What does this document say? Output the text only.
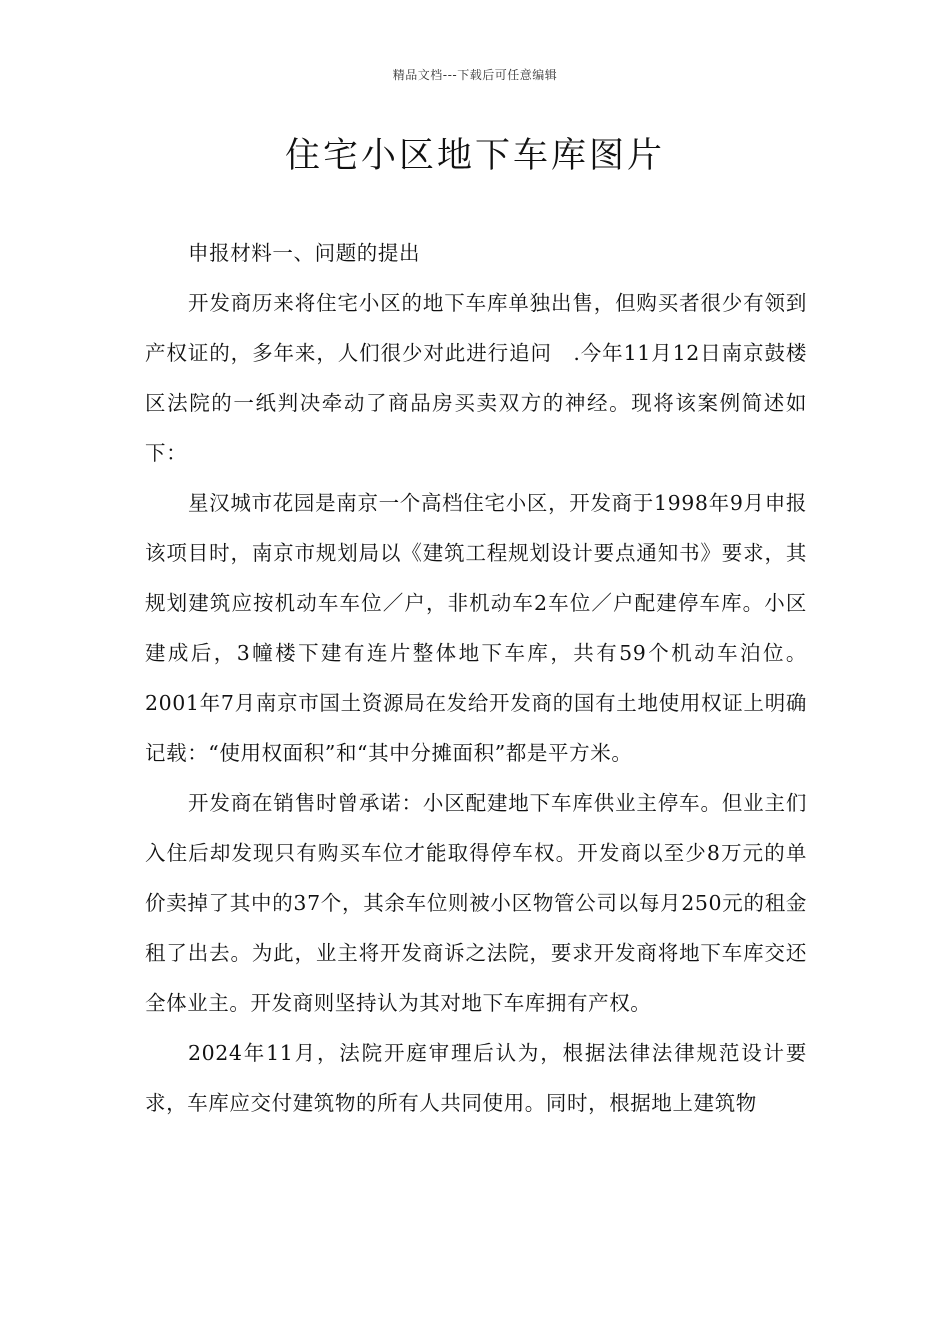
精品文档---下载后可任意编辑
住宅小区地下车库图片

申报材料一、问题的提出

开发商历来将住宅小区的地下车库单独出售，但购买者很少有领到产权证的，多年来，人们很少对此进行追问　.今年11月12日南京鼓楼区法院的一纸判决牵动了商品房买卖双方的神经。现将该案例简述如下：

星汉城市花园是南京一个高档住宅小区，开发商于1998年9月申报该项目时，南京市规划局以《建筑工程规划设计要点通知书》要求，其规划建筑应按机动车车位／户，非机动车2车位／户配建停车库。小区建成后，3幢楼下建有连片整体地下车库，共有59个机动车泊位。2001年7月南京市国土资源局在发给开发商的国有土地使用权证上明确记载：“使用权面积”和“其中分摊面积”都是平方米。

开发商在销售时曾承诺：小区配建地下车库供业主停车。但业主们入住后却发现只有购买车位才能取得停车权。开发商以至少8万元的单价卖掉了其中的37个，其余车位则被小区物管公司以每月250元的租金租了出去。为此，业主将开发商诉之法院，要求开发商将地下车库交还全体业主。开发商则坚持认为其对地下车库拥有产权。

2024年11月，法院开庭审理后认为，根据法律法律规范设计要求，车库应交付建筑物的所有人共同使用。同时，根据地上建筑物
